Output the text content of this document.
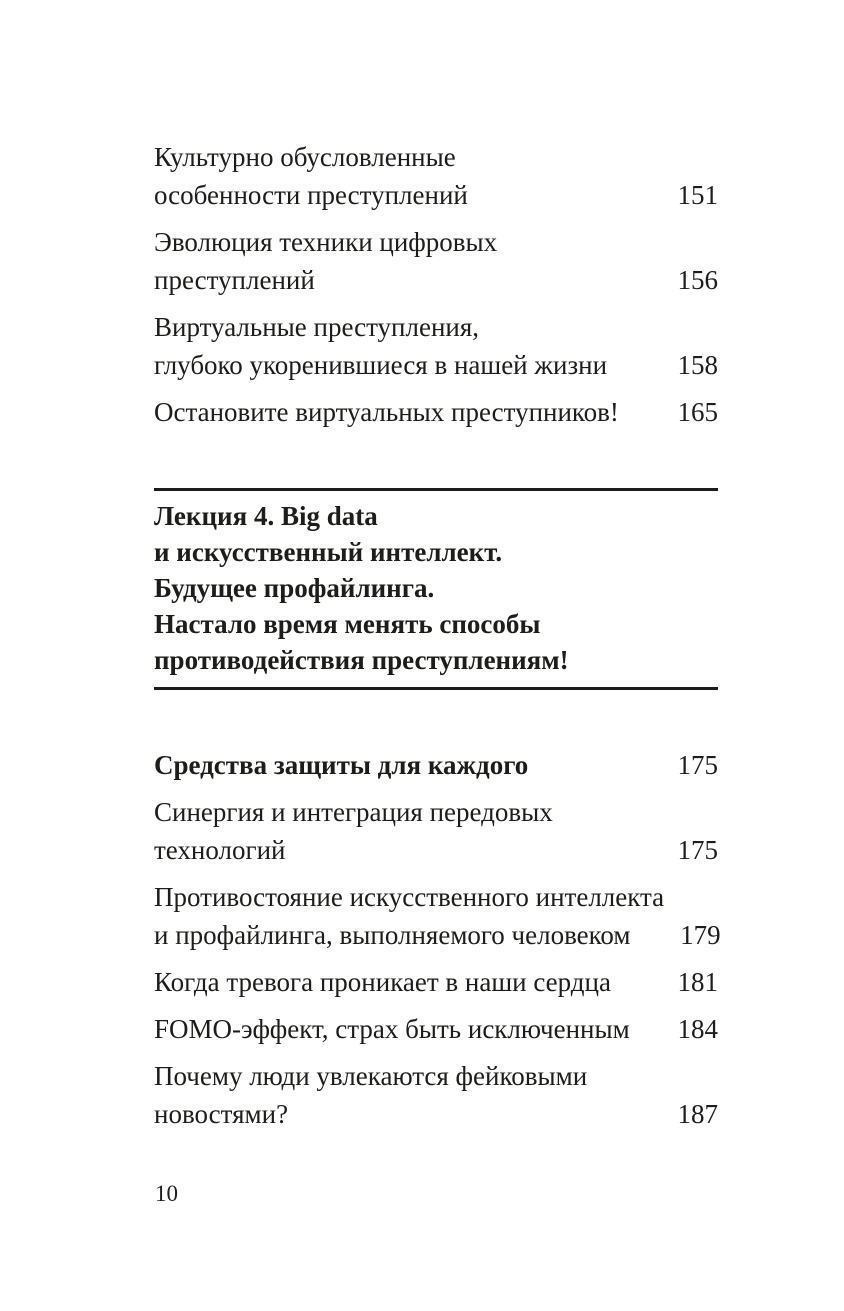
Культурно обусловленные
особенности преступлений	151
Эволюция техники цифровых
преступлений	156
Виртуальные преступления,
глубоко укоренившиеся в нашей жизни	158
Остановите виртуальных преступников! 165
Лекция 4. Big data
и искусственный интеллект.
Будущее профайлинга.
Настало время менять способы
противодействия преступлениям!
Средства защиты для каждого	175
Синергия и интеграция передовых
технологий	175
Противостояние искусственного интеллекта
и профайлинга, выполняемого человеком	179
Когда тревога проникает в наши сердца 181
FOMO-эффект, страх быть исключенным 184
Почему люди увлекаются фейковыми
новостями?	187
10
